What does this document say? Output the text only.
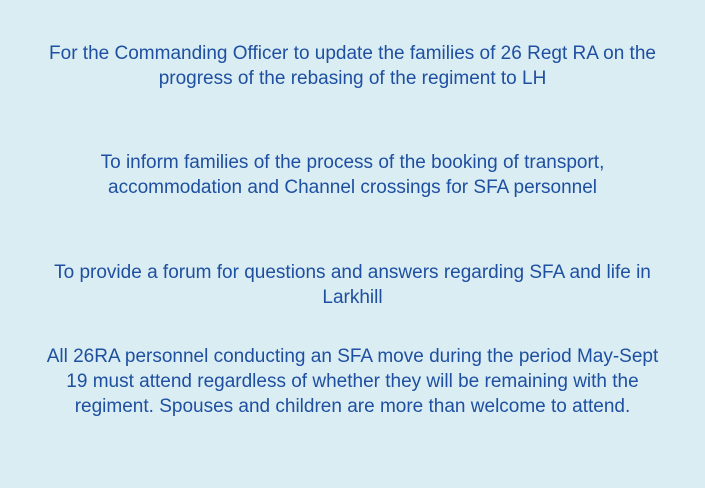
For the Commanding Officer to update the families of 26 Regt RA on the progress of the rebasing of the regiment to LH

To inform families of the process of the booking of transport, accommodation and Channel crossings for SFA personnel

To provide a forum for questions and answers regarding SFA and life in Larkhill

All 26RA personnel conducting an SFA move during the period May-Sept 19 must attend regardless of whether they will be remaining with the regiment. Spouses and children are more than welcome to attend.
